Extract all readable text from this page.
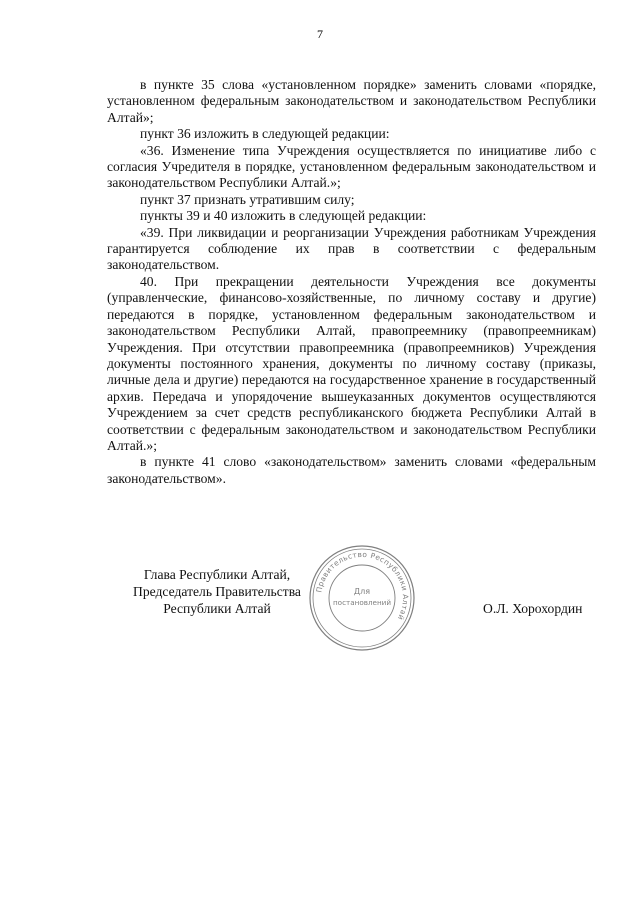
7

в пункте 35 слова «установленном порядке» заменить словами «порядке, установленном федеральным законодательством и законодательством Республики Алтай»;

пункт 36 изложить в следующей редакции:

«36. Изменение типа Учреждения осуществляется по инициативе либо с согласия Учредителя в порядке, установленном федеральным законодательством и законодательством Республики Алтай.»;

пункт 37 признать утратившим силу;

пункты 39 и 40 изложить в следующей редакции:

«39. При ликвидации и реорганизации Учреждения работникам Учреждения гарантируется соблюдение их прав в соответствии с федеральным законодательством.

40. При прекращении деятельности Учреждения все документы (управленческие, финансово-хозяйственные, по личному составу и другие) передаются в порядке, установленном федеральным законодательством и законодательством Республики Алтай, правопреемнику (правопреемникам) Учреждения. При отсутствии правопреемника (правопреемников) Учреждения документы постоянного хранения, документы по личному составу (приказы, личные дела и другие) передаются на государственное хранение в государственный архив. Передача и упорядочение вышеуказанных документов осуществляются Учреждением за счет средств республиканского бюджета Республики Алтай в соответствии с федеральным законодательством и законодательством Республики Алтай.»;

в пункте 41 слово «законодательством» заменить словами «федеральным законодательством».

Глава Республики Алтай,
Председатель Правительства
Республики Алтай
Правительство Республики Алтай
Для
постановлений	О.Л. Хорохордин
